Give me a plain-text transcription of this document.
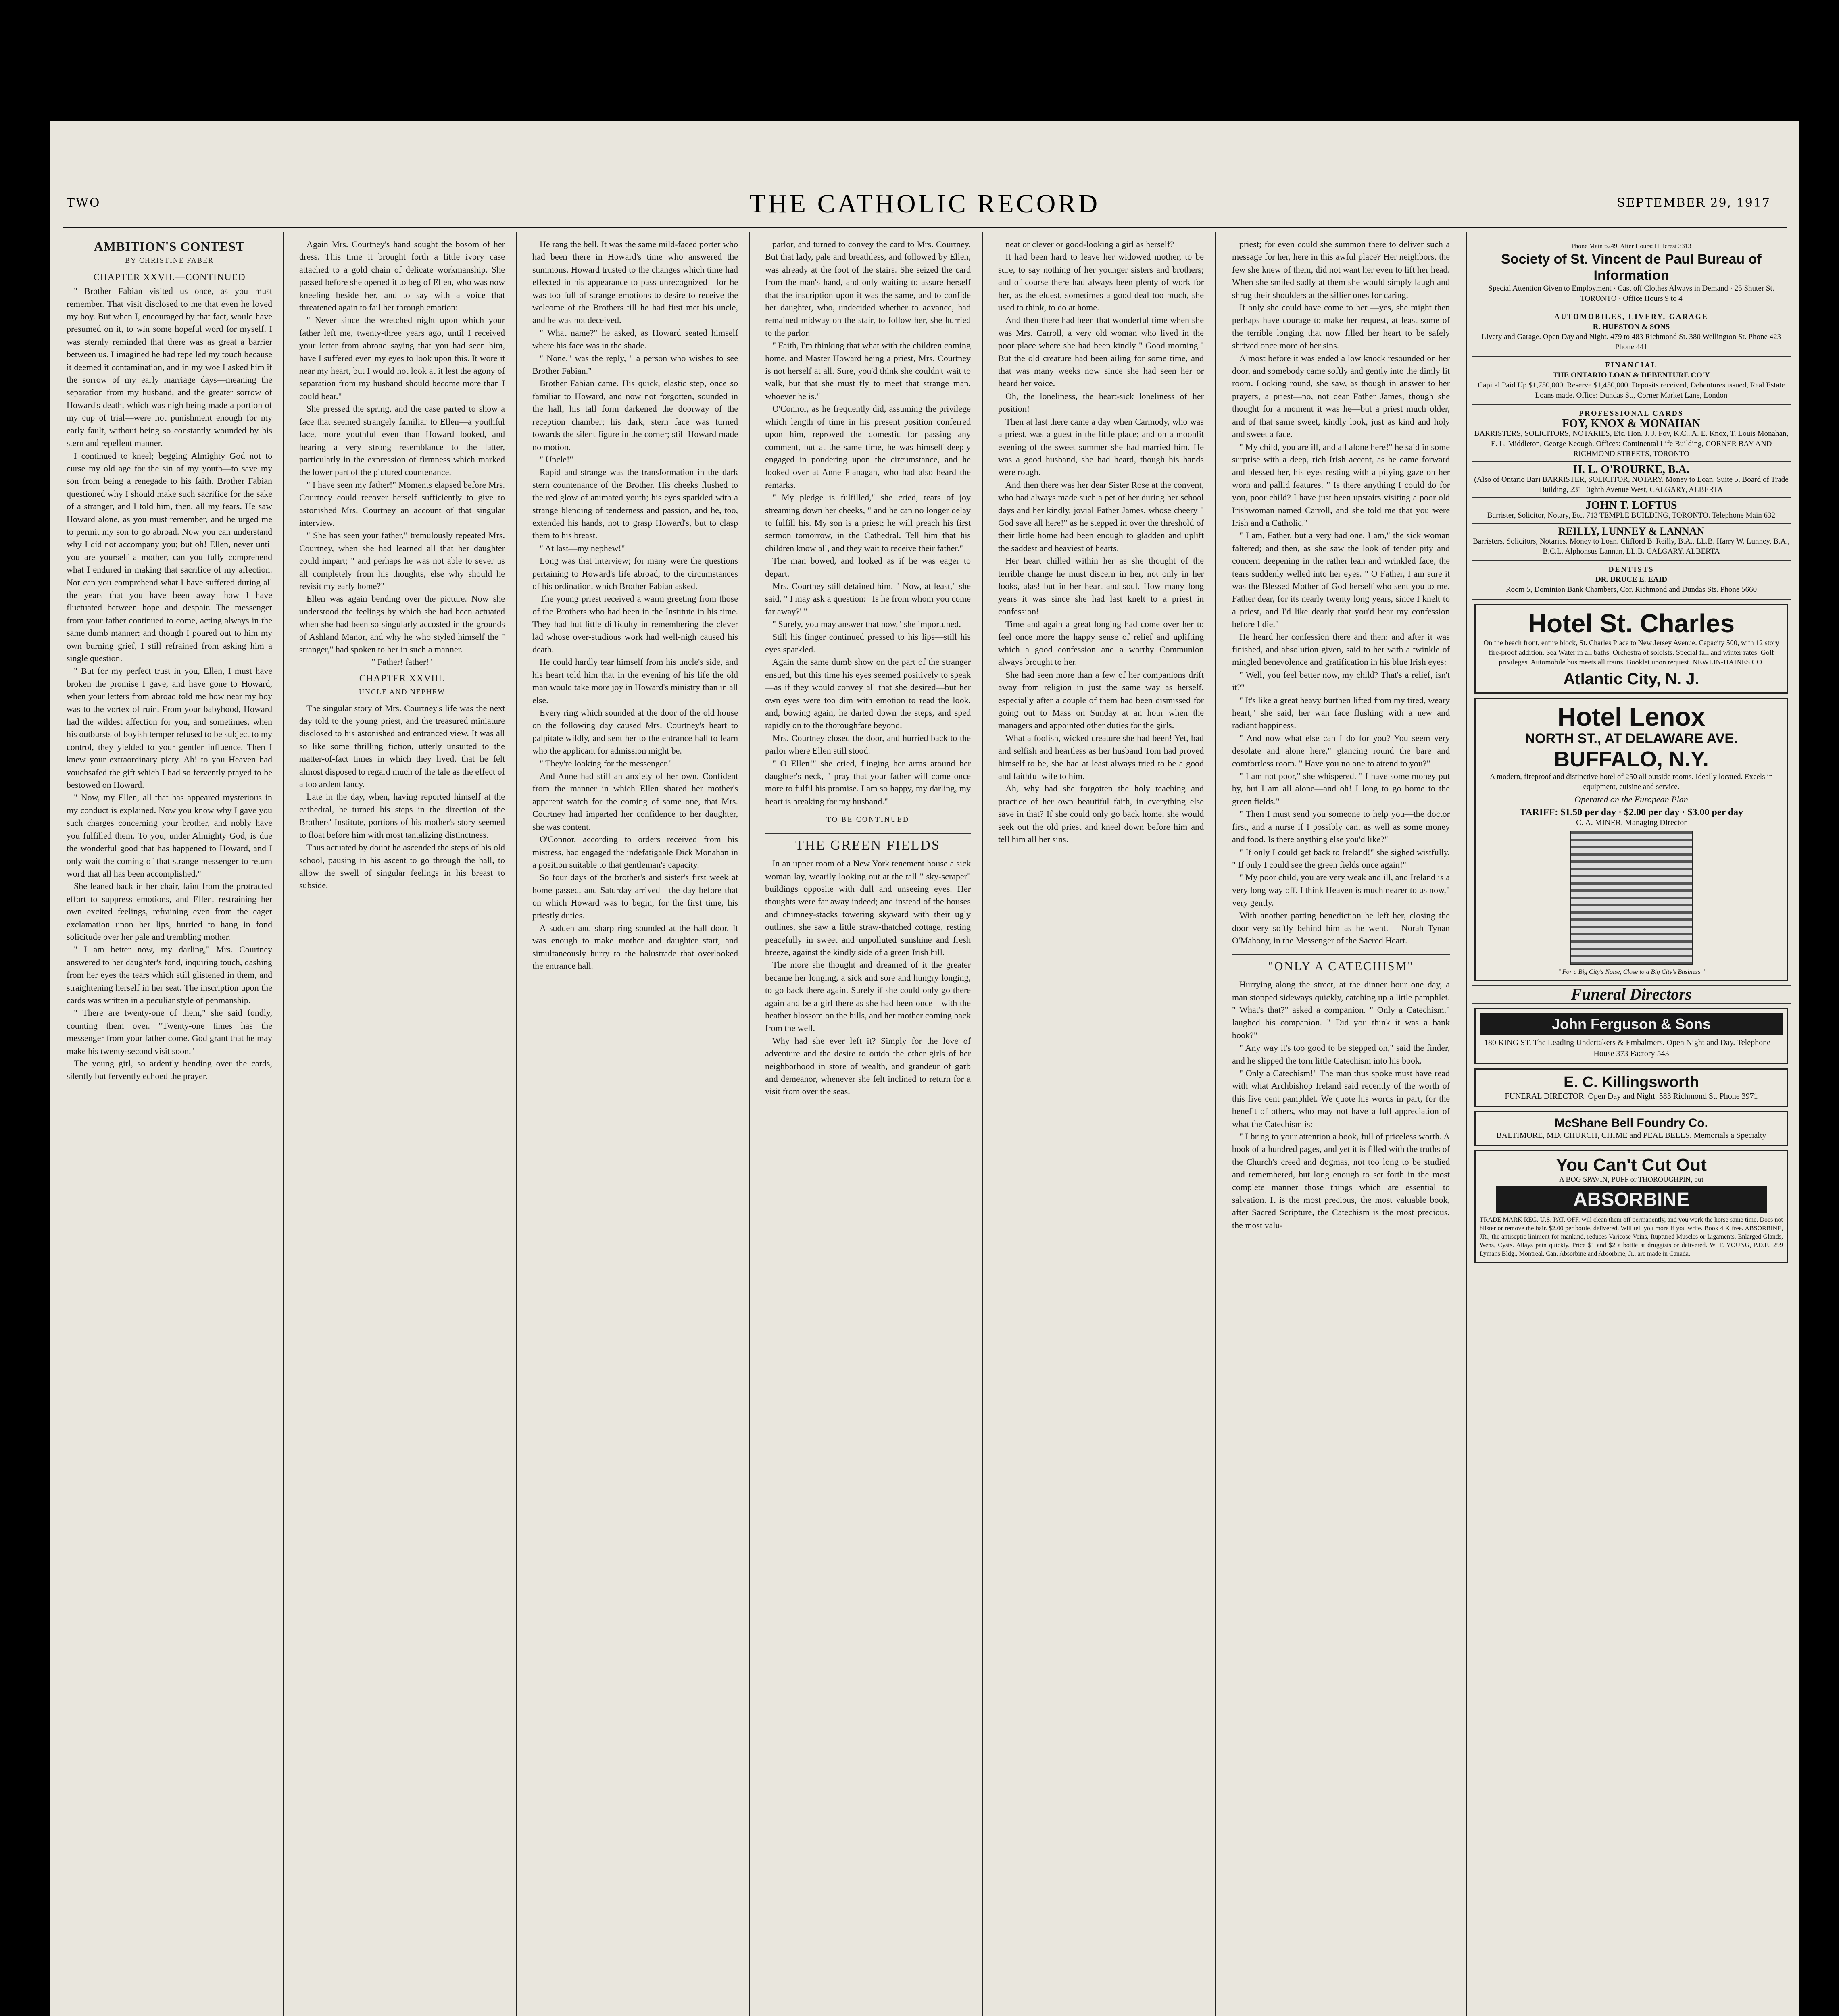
TWO	THE CATHOLIC RECORD	SEPTEMBER 29, 1917
AMBITION'S CONTEST
BY CHRISTINE FABER
CHAPTER XXVII.—CONTINUED

" Brother Fabian visited us once, as you must remember. That visit disclosed to me that even he loved my boy. But when I, encouraged by that fact, would have presumed on it, to win some hopeful word for myself, I was sternly reminded that there was as great a barrier between us. I imagined he had repelled my touch because it deemed it contamination, and in my woe I asked him if the sorrow of my early marriage days—meaning the separation from my husband, and the greater sorrow of Howard's death, which was nigh being made a portion of my cup of trial—were not punishment enough for my early fault, without being so constantly wounded by his stern and repellent manner.

I continued to kneel; begging Almighty God not to curse my old age for the sin of my youth—to save my son from being a renegade to his faith. Brother Fabian questioned why I should make such sacrifice for the sake of a stranger, and I told him, then, all my fears. He saw Howard alone, as you must remember, and he urged me to permit my son to go abroad. Now you can understand why I did not accompany you; but oh! Ellen, never until you are yourself a mother, can you fully comprehend what I endured in making that sacrifice of my affection. Nor can you comprehend what I have suffered during all the years that you have been away—how I have fluctuated between hope and despair. The messenger from your father continued to come, acting always in the same dumb manner; and though I poured out to him my own burning grief, I still refrained from asking him a single question.

" But for my perfect trust in you, Ellen, I must have broken the promise I gave, and have gone to Howard, when your letters from abroad told me how near my boy was to the vortex of ruin. From your babyhood, Howard had the wildest affection for you, and sometimes, when his outbursts of boyish temper refused to be subject to my control, they yielded to your gentler influence. Then I knew your extraordinary piety. Ah! to you Heaven had vouchsafed the gift which I had so fervently prayed to be bestowed on Howard.

" Now, my Ellen, all that has appeared mysterious in my conduct is explained. Now you know why I gave you such charges concerning your brother, and nobly have you fulfilled them. To you, under Almighty God, is due the wonderful good that has happened to Howard, and I only wait the coming of that strange messenger to return word that all has been accomplished."

She leaned back in her chair, faint from the protracted effort to suppress emotions, and Ellen, restraining her own excited feelings, refraining even from the eager exclamation upon her lips, hurried to hang in fond solicitude over her pale and trembling mother.

" I am better now, my darling," Mrs. Courtney answered to her daughter's fond, inquiring touch, dashing from her eyes the tears which still glistened in them, and straightening herself in her seat. The inscription upon the cards was written in a peculiar style of penmanship.

" There are twenty-one of them," she said fondly, counting them over. "Twenty-one times has the messenger from your father come. God grant that he may make his twenty-second visit soon."

The young girl, so ardently bending over the cards, silently but fervently echoed the prayer.

Again Mrs. Courtney's hand sought the bosom of her dress. This time it brought forth a little ivory case attached to a gold chain of delicate workmanship. She passed before she opened it to beg of Ellen, who was now kneeling beside her, and to say with a voice that threatened again to fail her through emotion:

" Never since the wretched night upon which your father left me, twenty-three years ago, until I received your letter from abroad saying that you had seen him, have I suffered even my eyes to look upon this. It wore it near my heart, but I would not look at it lest the agony of separation from my husband should become more than I could bear."

She pressed the spring, and the case parted to show a face that seemed strangely familiar to Ellen—a youthful face, more youthful even than Howard looked, and bearing a very strong resemblance to the latter, particularly in the expression of firmness which marked the lower part of the pictured countenance.

" I have seen my father!" Moments elapsed before Mrs. Courtney could recover herself sufficiently to give to astonished Mrs. Courtney an account of that singular interview.

" She has seen your father," tremulously repeated Mrs. Courtney, when she had learned all that her daughter could impart; " and perhaps he was not able to sever us all completely from his thoughts, else why should he revisit my early home?"

Ellen was again bending over the picture. Now she understood the feelings by which she had been actuated when she had been so singularly accosted in the grounds of Ashland Manor, and why he who styled himself the " stranger," had spoken to her in such a manner.

" Father! father!"

CHAPTER XXVIII.
UNCLE AND NEPHEW

The singular story of Mrs. Courtney's life was the next day told to the young priest, and the treasured miniature disclosed to his astonished and entranced view. It was all so like some thrilling fiction, utterly unsuited to the matter-of-fact times in which they lived, that he felt almost disposed to regard much of the tale as the effect of a too ardent fancy.

Late in the day, when, having reported himself at the cathedral, he turned his steps in the direction of the Brothers' Institute, portions of his mother's story seemed to float before him with most tantalizing distinctness.

Thus actuated by doubt he ascended the steps of his old school, pausing in his ascent to go through the hall, to allow the swell of singular feelings in his breast to subside.

He rang the bell. It was the same mild-faced porter who had been there in Howard's time who answered the summons. Howard trusted to the changes which time had effected in his appearance to pass unrecognized—for he was too full of strange emotions to desire to receive the welcome of the Brothers till he had first met his uncle, and he was not deceived.

" What name?" he asked, as Howard seated himself where his face was in the shade.

" None," was the reply, " a person who wishes to see Brother Fabian."

Brother Fabian came. His quick, elastic step, once so familiar to Howard, and now not forgotten, sounded in the hall; his tall form darkened the doorway of the reception chamber; his dark, stern face was turned towards the silent figure in the corner; still Howard made no motion.

" Uncle!"

Rapid and strange was the transformation in the dark stern countenance of the Brother. His cheeks flushed to the red glow of animated youth; his eyes sparkled with a strange blending of tenderness and passion, and he, too, extended his hands, not to grasp Howard's, but to clasp them to his breast.

" At last—my nephew!"

Long was that interview; for many were the questions pertaining to Howard's life abroad, to the circumstances of his ordination, which Brother Fabian asked.

The young priest received a warm greeting from those of the Brothers who had been in the Institute in his time. They had but little difficulty in remembering the clever lad whose over-studious work had well-nigh caused his death.

He could hardly tear himself from his uncle's side, and his heart told him that in the evening of his life the old man would take more joy in Howard's ministry than in all else.

Every ring which sounded at the door of the old house on the following day caused Mrs. Courtney's heart to palpitate wildly, and sent her to the entrance hall to learn who the applicant for admission might be.

" They're looking for the messenger."

And Anne had still an anxiety of her own. Confident from the manner in which Ellen shared her mother's apparent watch for the coming of some one, that Mrs. Courtney had imparted her confidence to her daughter, she was content.

O'Connor, according to orders received from his mistress, had engaged the indefatigable Dick Monahan in a position suitable to that gentleman's capacity.

So four days of the brother's and sister's first week at home passed, and Saturday arrived—the day before that on which Howard was to begin, for the first time, his priestly duties.

A sudden and sharp ring sounded at the hall door. It was enough to make mother and daughter start, and simultaneously hurry to the balustrade that overlooked the entrance hall.

parlor, and turned to convey the card to Mrs. Courtney. But that lady, pale and breathless, and followed by Ellen, was already at the foot of the stairs. She seized the card from the man's hand, and only waiting to assure herself that the inscription upon it was the same, and to confide her daughter, who, undecided whether to advance, had remained midway on the stair, to follow her, she hurried to the parlor.

" Faith, I'm thinking that what with the children coming home, and Master Howard being a priest, Mrs. Courtney is not herself at all. Sure, you'd think she couldn't wait to walk, but that she must fly to meet that strange man, whoever he is."

O'Connor, as he frequently did, assuming the privilege which length of time in his present position conferred upon him, reproved the domestic for passing any comment, but at the same time, he was himself deeply engaged in pondering upon the circumstance, and he looked over at Anne Flanagan, who had also heard the remarks.

" My pledge is fulfilled," she cried, tears of joy streaming down her cheeks, " and he can no longer delay to fulfill his. My son is a priest; he will preach his first sermon tomorrow, in the Cathedral. Tell him that his children know all, and they wait to receive their father."

The man bowed, and looked as if he was eager to depart.

Mrs. Courtney still detained him. " Now, at least," she said, " I may ask a question: ' Is he from whom you come far away?' "

" Surely, you may answer that now," she importuned.

Still his finger continued pressed to his lips—still his eyes sparkled.

Again the same dumb show on the part of the stranger ensued, but this time his eyes seemed positively to speak—as if they would convey all that she desired—but her own eyes were too dim with emotion to read the look, and, bowing again, he darted down the steps, and sped rapidly on to the thoroughfare beyond.

Mrs. Courtney closed the door, and hurried back to the parlor where Ellen still stood.

" O Ellen!" she cried, flinging her arms around her daughter's neck, " pray that your father will come once more to fulfil his promise. I am so happy, my darling, my heart is breaking for my husband."

TO BE CONTINUED
THE GREEN FIELDS

In an upper room of a New York tenement house a sick woman lay, wearily looking out at the tall " sky-scraper" buildings opposite with dull and unseeing eyes. Her thoughts were far away indeed; and instead of the houses and chimney-stacks towering skyward with their ugly outlines, she saw a little straw-thatched cottage, resting peacefully in sweet and unpolluted sunshine and fresh breeze, against the kindly side of a green Irish hill.

The more she thought and dreamed of it the greater became her longing, a sick and sore and hungry longing, to go back there again. Surely if she could only go there again and be a girl there as she had been once—with the heather blossom on the hills, and her mother coming back from the well.

Why had she ever left it? Simply for the love of adventure and the desire to outdo the other girls of her neighborhood in store of wealth, and grandeur of garb and demeanor, whenever she felt inclined to return for a visit from over the seas.

neat or clever or good-looking a girl as herself?

It had been hard to leave her widowed mother, to be sure, to say nothing of her younger sisters and brothers; and of course there had always been plenty of work for her, as the eldest, sometimes a good deal too much, she used to think, to do at home.

And then there had been that wonderful time when she was Mrs. Carroll, a very old woman who lived in the poor place where she had been kindly " Good morning." But the old creature had been ailing for some time, and that was many weeks now since she had seen her or heard her voice.

Oh, the loneliness, the heart-sick loneliness of her position!

Then at last there came a day when Carmody, who was a priest, was a guest in the little place; and on a moonlit evening of the sweet summer she had married him. He was a good husband, she had heard, though his hands were rough.

And then there was her dear Sister Rose at the convent, who had always made such a pet of her during her school days and her kindly, jovial Father James, whose cheery " God save all here!" as he stepped in over the threshold of their little home had been enough to gladden and uplift the saddest and heaviest of hearts.

Her heart chilled within her as she thought of the terrible change he must discern in her, not only in her looks, alas! but in her heart and soul. How many long years it was since she had last knelt to a priest in confession!

Time and again a great longing had come over her to feel once more the happy sense of relief and uplifting which a good confession and a worthy Communion always brought to her.

She had seen more than a few of her companions drift away from religion in just the same way as herself, especially after a couple of them had been dismissed for going out to Mass on Sunday at an hour when the managers and appointed other duties for the girls.

What a foolish, wicked creature she had been! Yet, bad and selfish and heartless as her husband Tom had proved himself to be, she had at least always tried to be a good and faithful wife to him.

Ah, why had she forgotten the holy teaching and practice of her own beautiful faith, in everything else save in that? If she could only go back home, she would seek out the old priest and kneel down before him and tell him all her sins.

priest; for even could she summon there to deliver such a message for her, here in this awful place? Her neighbors, the few she knew of them, did not want her even to lift her head. When she smiled sadly at them she would simply laugh and shrug their shoulders at the sillier ones for caring.

If only she could have come to her —yes, she might then perhaps have courage to make her request, at least some of the terrible longing that now filled her heart to be safely shrived once more of her sins.

Almost before it was ended a low knock resounded on her door, and somebody came softly and gently into the dimly lit room. Looking round, she saw, as though in answer to her prayers, a priest—no, not dear Father James, though she thought for a moment it was he—but a priest much older, and of that same sweet, kindly look, just as kind and holy and sweet a face.

" My child, you are ill, and all alone here!" he said in some surprise with a deep, rich Irish accent, as he came forward and blessed her, his eyes resting with a pitying gaze on her worn and pallid features. " Is there anything I could do for you, poor child? I have just been upstairs visiting a poor old Irishwoman named Carroll, and she told me that you were Irish and a Catholic."

" I am, Father, but a very bad one, I am," the sick woman faltered; and then, as she saw the look of tender pity and concern deepening in the rather lean and wrinkled face, the tears suddenly welled into her eyes. " O Father, I am sure it was the Blessed Mother of God herself who sent you to me. Father dear, for its nearly twenty long years, since I knelt to a priest, and I'd like dearly that you'd hear my confession before I die."

He heard her confession there and then; and after it was finished, and absolution given, said to her with a twinkle of mingled benevolence and gratification in his blue Irish eyes:

" Well, you feel better now, my child? That's a relief, isn't it?"

" It's like a great heavy burthen lifted from my tired, weary heart," she said, her wan face flushing with a new and radiant happiness.

" And now what else can I do for you? You seem very desolate and alone here," glancing round the bare and comfortless room. " Have you no one to attend to you?"

" I am not poor," she whispered. " I have some money put by, but I am all alone—and oh! I long to go home to the green fields."

" Then I must send you someone to help you—the doctor first, and a nurse if I possibly can, as well as some money and food. Is there anything else you'd like?"

" If only I could get back to Ireland!" she sighed wistfully. " If only I could see the green fields once again!"

" My poor child, you are very weak and ill, and Ireland is a very long way off. I think Heaven is much nearer to us now," very gently.

With another parting benediction he left her, closing the door very softly behind him as he went. —Norah Tynan O'Mahony, in the Messenger of the Sacred Heart.

"ONLY A CATECHISM"

Hurrying along the street, at the dinner hour one day, a man stopped sideways quickly, catching up a little pamphlet. " What's that?" asked a companion. " Only a Catechism," laughed his companion. " Did you think it was a bank book?"

" Any way it's too good to be stepped on," said the finder, and he slipped the torn little Catechism into his book.

" Only a Catechism!" The man thus spoke must have read with what Archbishop Ireland said recently of the worth of this five cent pamphlet. We quote his words in part, for the benefit of others, who may not have a full appreciation of what the Catechism is:

" I bring to your attention a book, full of priceless worth. A book of a hundred pages, and yet it is filled with the truths of the Church's creed and dogmas, not too long to be studied and remembered, but long enough to set forth in the most complete manner those things which are essential to salvation. It is the most precious, the most valuable book, after Sacred Scripture, the Catechism is the most precious, the most valu-

Phone Main 6249. After Hours: Hillcrest 3313
Society of St. Vincent de Paul Bureau of Information
Special Attention Given to Employment · Cast off Clothes Always in Demand · 25 Shuter St. TORONTO · Office Hours 9 to 4
AUTOMOBILES, LIVERY, GARAGE
R. HUESTON & SONS
Livery and Garage. Open Day and Night. 479 to 483 Richmond St. 380 Wellington St. Phone 423 Phone 441
FINANCIAL
THE ONTARIO LOAN & DEBENTURE CO'Y
Capital Paid Up $1,750,000. Reserve $1,450,000. Deposits received, Debentures issued, Real Estate Loans made. Office: Dundas St., Corner Market Lane, London
PROFESSIONAL CARDS
FOY, KNOX & MONAHAN
BARRISTERS, SOLICITORS, NOTARIES, Etc. Hon. J. J. Foy, K.C., A. E. Knox, T. Louis Monahan, E. L. Middleton, George Keough. Offices: Continental Life Building, CORNER BAY AND RICHMOND STREETS, TORONTO
H. L. O'ROURKE, B.A.
(Also of Ontario Bar) BARRISTER, SOLICITOR, NOTARY. Money to Loan. Suite 5, Board of Trade Building, 231 Eighth Avenue West, CALGARY, ALBERTA
JOHN T. LOFTUS
Barrister, Solicitor, Notary, Etc. 713 TEMPLE BUILDING, TORONTO. Telephone Main 632
REILLY, LUNNEY & LANNAN
Barristers, Solicitors, Notaries. Money to Loan. Clifford B. Reilly, B.A., LL.B. Harry W. Lunney, B.A., B.C.L. Alphonsus Lannan, LL.B. CALGARY, ALBERTA
DENTISTS
DR. BRUCE E. EAID
Room 5, Dominion Bank Chambers, Cor. Richmond and Dundas Sts. Phone 5660
Hotel St. Charles
On the beach front, entire block, St. Charles Place to New Jersey Avenue. Capacity 500, with 12 story fire-proof addition. Sea Water in all baths. Orchestra of soloists. Special fall and winter rates. Golf privileges. Automobile bus meets all trains. Booklet upon request. NEWLIN-HAINES CO.
Atlantic City, N. J.
Hotel Lenox
NORTH ST., AT DELAWARE AVE.
BUFFALO, N.Y.
A modern, fireproof and distinctive hotel of 250 all outside rooms. Ideally located. Excels in equipment, cuisine and service.
Operated on the European Plan
TARIFF: $1.50 per day · $2.00 per day · $3.00 per day
C. A. MINER, Managing Director
" For a Big City's Noise, Close to a Big City's Business "
Funeral Directors
John Ferguson & Sons
180 KING ST. The Leading Undertakers & Embalmers. Open Night and Day. Telephone—House 373 Factory 543
E. C. Killingsworth
FUNERAL DIRECTOR. Open Day and Night. 583 Richmond St. Phone 3971
McShane Bell Foundry Co.
BALTIMORE, MD. CHURCH, CHIME and PEAL BELLS. Memorials a Specialty
You Can't Cut Out
A BOG SPAVIN, PUFF or THOROUGHPIN, but
ABSORBINE
TRADE MARK REG. U.S. PAT. OFF. will clean them off permanently, and you work the horse same time. Does not blister or remove the hair. $2.00 per bottle, delivered. Will tell you more if you write. Book 4 K free. ABSORBINE, JR., the antiseptic liniment for mankind, reduces Varicose Veins, Ruptured Muscles or Ligaments, Enlarged Glands, Wens, Cysts. Allays pain quickly. Price $1 and $2 a bottle at druggists or delivered. W. F. YOUNG, P.D.F., 299 Lymans Bldg., Montreal, Can. Absorbine and Absorbine, Jr., are made in Canada.
